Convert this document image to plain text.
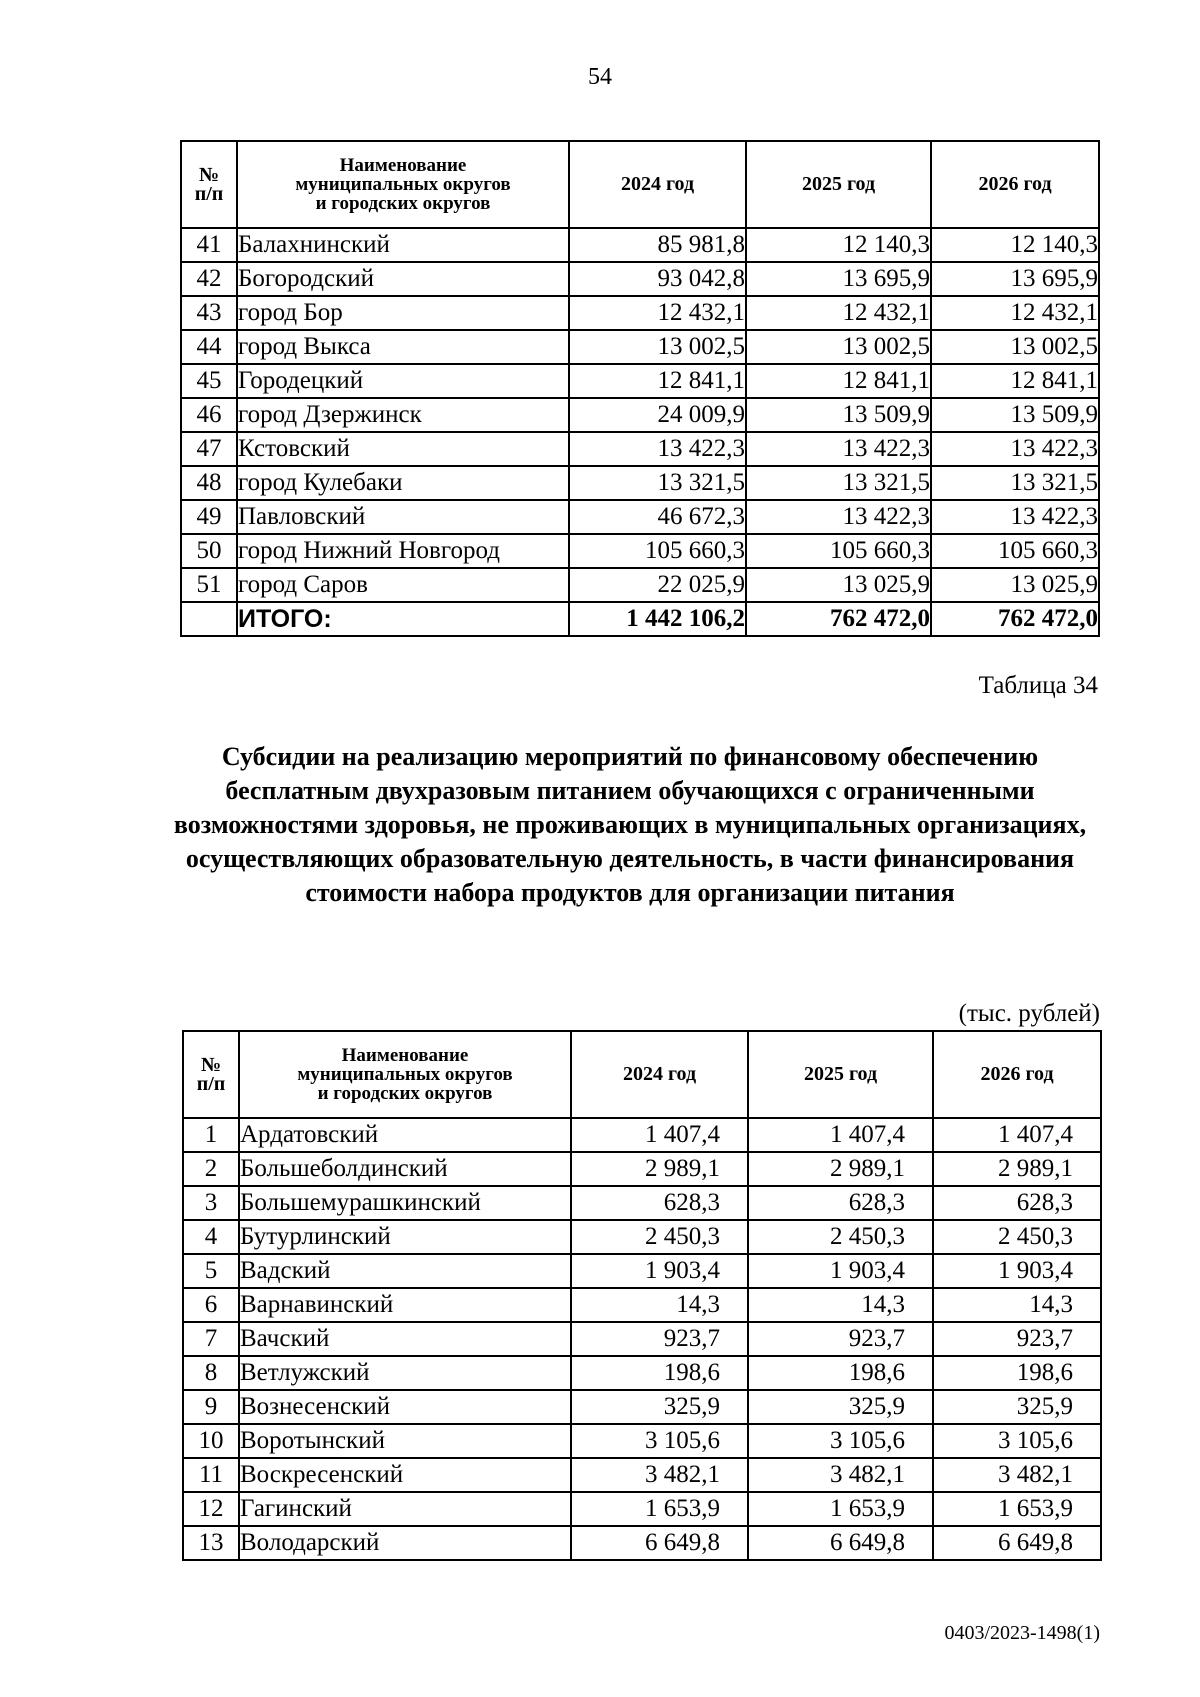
54
№
п/п	Наименование
муниципальных округов
и городских округов	2024 год	2025 год	2026 год
41	Балахнинский	85 981,8	12 140,3	12 140,3
42	Богородский	93 042,8	13 695,9	13 695,9
43	город Бор	12 432,1	12 432,1	12 432,1
44	город Выкса	13 002,5	13 002,5	13 002,5
45	Городецкий	12 841,1	12 841,1	12 841,1
46	город Дзержинск	24 009,9	13 509,9	13 509,9
47	Кстовский	13 422,3	13 422,3	13 422,3
48	город Кулебаки	13 321,5	13 321,5	13 321,5
49	Павловский	46 672,3	13 422,3	13 422,3
50	город Нижний Новгород	105 660,3	105 660,3	105 660,3
51	город Саров	22 025,9	13 025,9	13 025,9
	ИТОГО:	1 442 106,2	762 472,0	762 472,0
Таблица 34
Субсидии на реализацию мероприятий по финансовому обеспечению бесплатным двухразовым питанием обучающихся с ограниченными возможностями здоровья, не проживающих в муниципальных организациях, осуществляющих образовательную деятельность, в части финансирования стоимости набора продуктов для организации питания
(тыс. рублей)
№
п/п	Наименование
муниципальных округов
и городских округов	2024 год	2025 год	2026 год
1	Ардатовский	1 407,4	1 407,4	1 407,4
2	Большеболдинский	2 989,1	2 989,1	2 989,1
3	Большемурашкинский	628,3	628,3	628,3
4	Бутурлинский	2 450,3	2 450,3	2 450,3
5	Вадский	1 903,4	1 903,4	1 903,4
6	Варнавинский	14,3	14,3	14,3
7	Вачский	923,7	923,7	923,7
8	Ветлужский	198,6	198,6	198,6
9	Вознесенский	325,9	325,9	325,9
10	Воротынский	3 105,6	3 105,6	3 105,6
11	Воскресенский	3 482,1	3 482,1	3 482,1
12	Гагинский	1 653,9	1 653,9	1 653,9
13	Володарский	6 649,8	6 649,8	6 649,8
0403/2023-1498(1)
